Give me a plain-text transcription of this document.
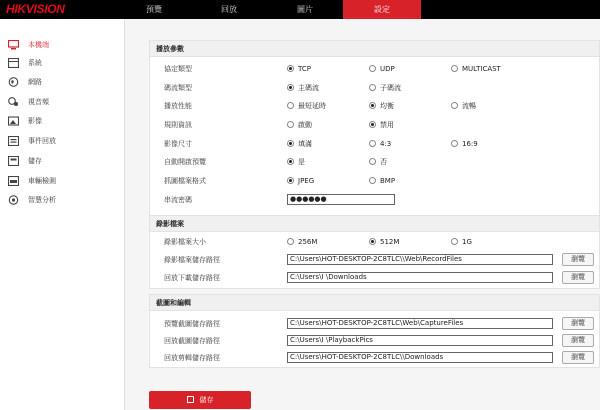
HIKVISION	預覽	回放	圖片	設定
本機端
系統
網路
視音頻
影像
事件回放
儲存
車輛檢測
智慧分析
播放參數
協定類型	TCP	UDP	MULTICAST
碼流類型	主碼流	子碼流
播放性能	最短延時	均衡	流暢
規則資訊	啟動	禁用
影像尺寸	填滿	4:3	16:9
自動開啟預覽	是	否
抓圖檔案格式	JPEG	BMP
串流密碼	●●●●●●
錄影檔案
錄影檔案大小	256M	512M	1G
錄影檔案儲存路徑	C:\Users\HOT-DESKTOP-2C8TLC\\Web\RecordFiles	瀏覽
回放下載儲存路徑	C:\Users\I \Downloads	瀏覽
截圖和編輯
預覽截圖儲存路徑	C:\Users\HOT-DESKTOP-2C8TLC\Web\CaptureFiles	瀏覽
回放截圖儲存路徑	C:\Users\I \PlaybackPics	瀏覽
回放剪輯儲存路徑	C:\Users\HOT-DESKTOP-2C8TLC\\Downloads	瀏覽
儲存
